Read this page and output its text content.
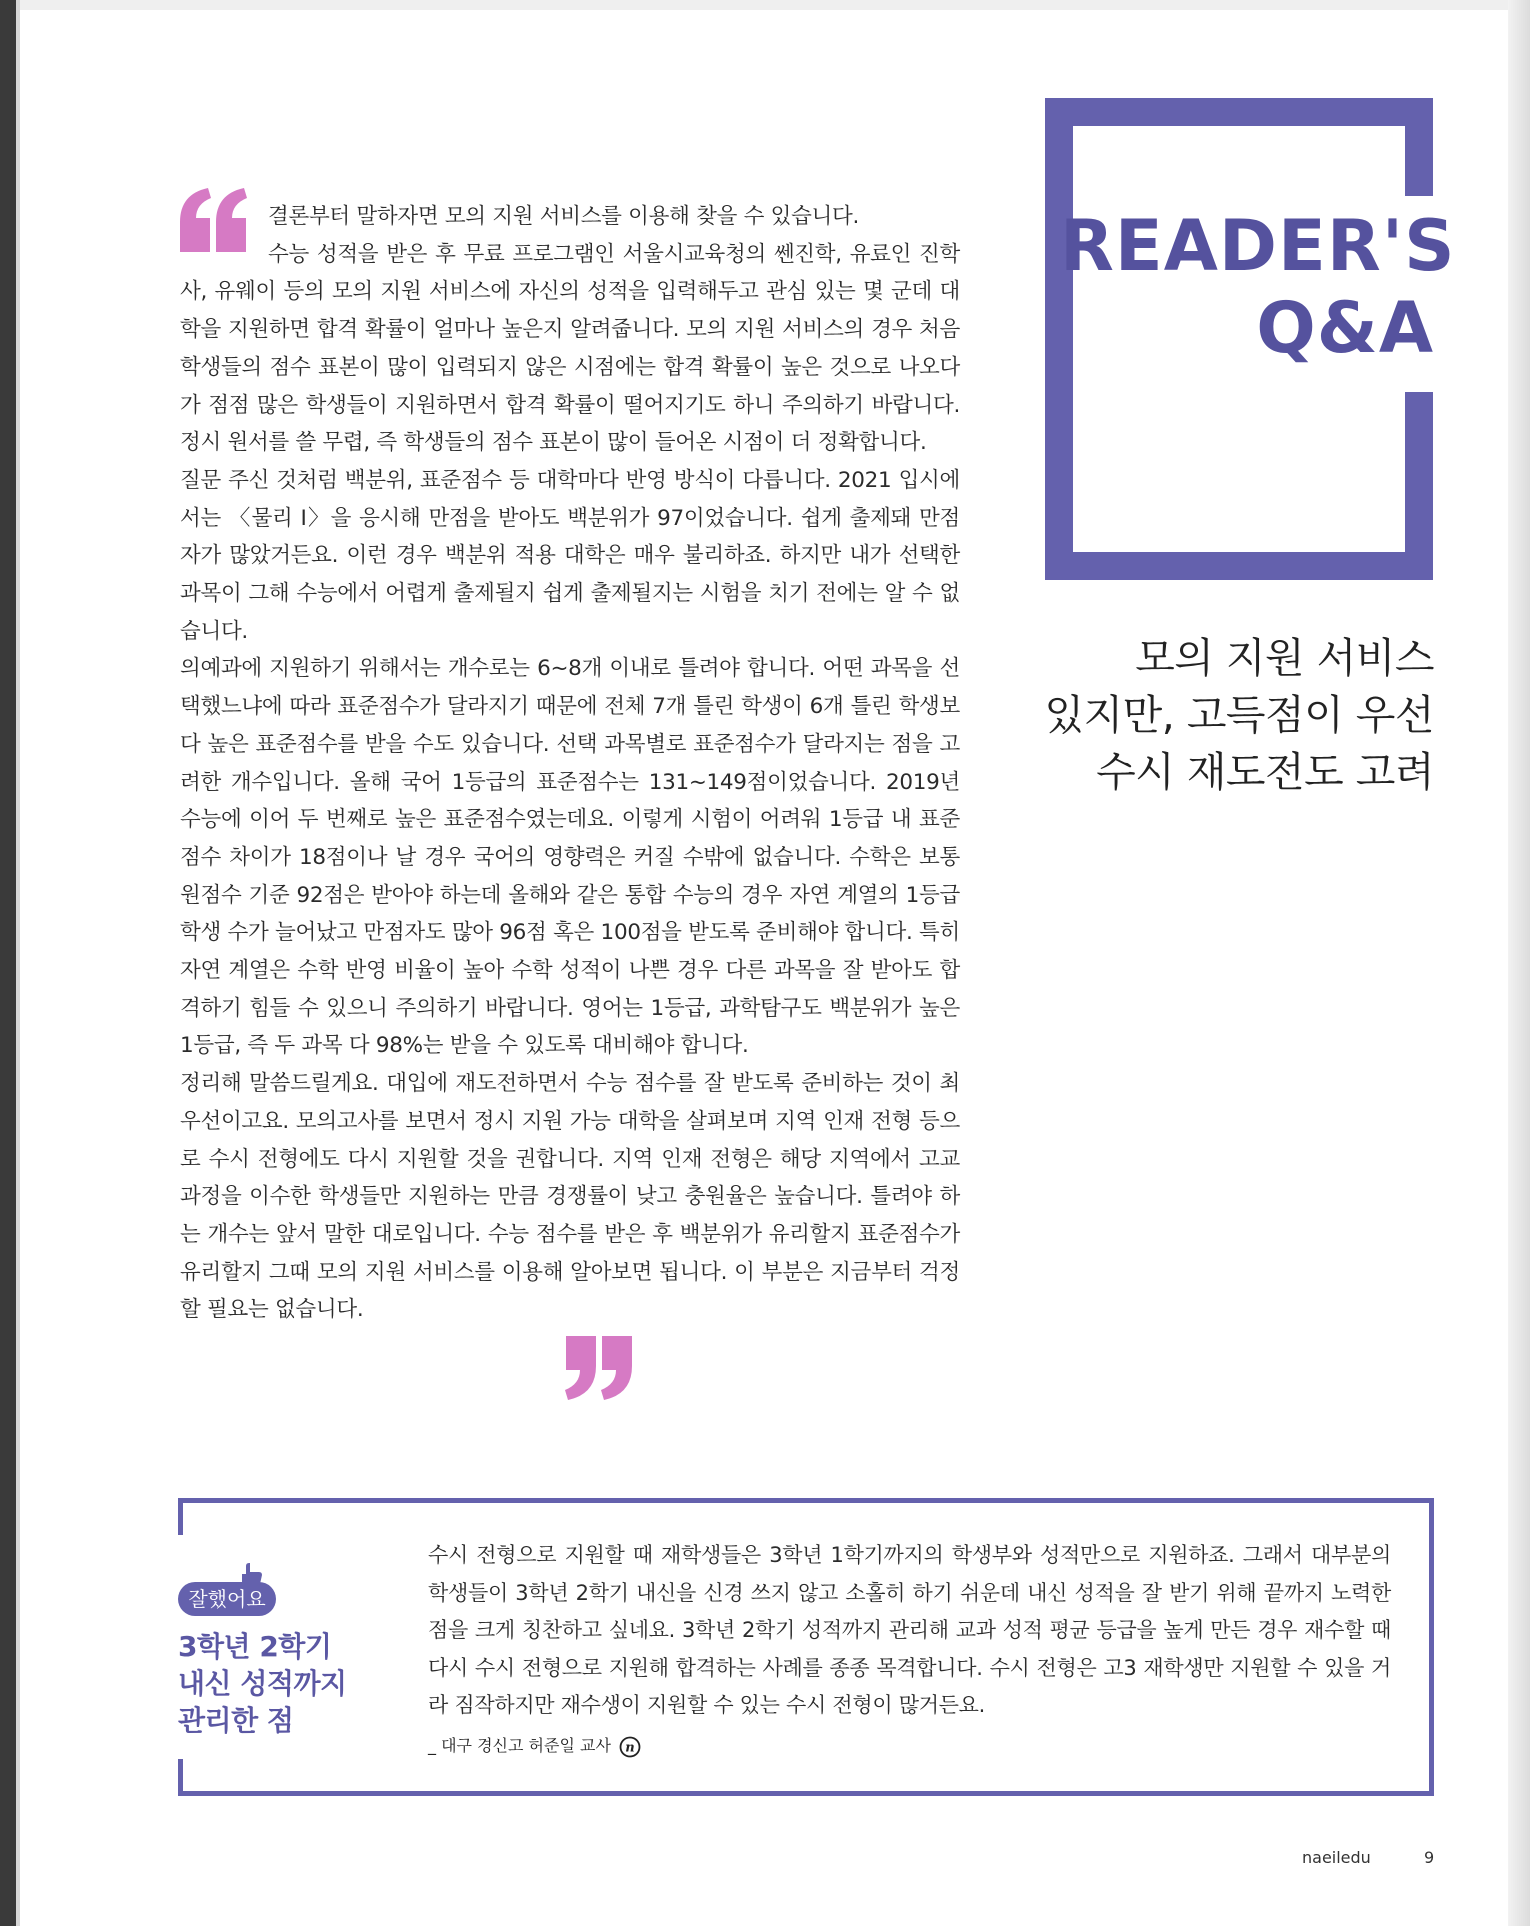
결론부터 말하자면 모의 지원 서비스를 이용해 찾을 수 있습니다.

수능 성적을 받은 후 무료 프로그램인 서울시교육청의 쎈진학, 유료인 진학사, 유웨이 등의 모의 지원 서비스에 자신의 성적을 입력해두고 관심 있는 몇 군데 대학을 지원하면 합격 확률이 얼마나 높은지 알려줍니다. 모의 지원 서비스의 경우 처음 학생들의 점수 표본이 많이 입력되지 않은 시점에는 합격 확률이 높은 것으로 나오다가 점점 많은 학생들이 지원하면서 합격 확률이 떨어지기도 하니 주의하기 바랍니다. 정시 원서를 쓸 무렵, 즉 학생들의 점수 표본이 많이 들어온 시점이 더 정확합니다.

질문 주신 것처럼 백분위, 표준점수 등 대학마다 반영 방식이 다릅니다. 2021 입시에서는 〈물리 Ⅰ〉을 응시해 만점을 받아도 백분위가 97이었습니다. 쉽게 출제돼 만점자가 많았거든요. 이런 경우 백분위 적용 대학은 매우 불리하죠. 하지만 내가 선택한 과목이 그해 수능에서 어렵게 출제될지 쉽게 출제될지는 시험을 치기 전에는 알 수 없습니다.

의예과에 지원하기 위해서는 개수로는 6~8개 이내로 틀려야 합니다. 어떤 과목을 선택했느냐에 따라 표준점수가 달라지기 때문에 전체 7개 틀린 학생이 6개 틀린 학생보다 높은 표준점수를 받을 수도 있습니다. 선택 과목별로 표준점수가 달라지는 점을 고려한 개수입니다. 올해 국어 1등급의 표준점수는 131~149점이었습니다. 2019년 수능에 이어 두 번째로 높은 표준점수였는데요. 이렇게 시험이 어려워 1등급 내 표준점수 차이가 18점이나 날 경우 국어의 영향력은 커질 수밖에 없습니다. 수학은 보통 원점수 기준 92점은 받아야 하는데 올해와 같은 통합 수능의 경우 자연 계열의 1등급 학생 수가 늘어났고 만점자도 많아 96점 혹은 100점을 받도록 준비해야 합니다. 특히 자연 계열은 수학 반영 비율이 높아 수학 성적이 나쁜 경우 다른 과목을 잘 받아도 합격하기 힘들 수 있으니 주의하기 바랍니다. 영어는 1등급, 과학탐구도 백분위가 높은 1등급, 즉 두 과목 다 98%는 받을 수 있도록 대비해야 합니다.

정리해 말씀드릴게요. 대입에 재도전하면서 수능 점수를 잘 받도록 준비하는 것이 최우선이고요. 모의고사를 보면서 정시 지원 가능 대학을 살펴보며 지역 인재 전형 등으로 수시 전형에도 다시 지원할 것을 권합니다. 지역 인재 전형은 해당 지역에서 고교 과정을 이수한 학생들만 지원하는 만큼 경쟁률이 낮고 충원율은 높습니다. 틀려야 하는 개수는 앞서 말한 대로입니다. 수능 점수를 받은 후 백분위가 유리할지 표준점수가 유리할지 그때 모의 지원 서비스를 이용해 알아보면 됩니다. 이 부분은 지금부터 걱정할 필요는 없습니다.

READER'S
Q&A
모의 지원 서비스
있지만, 고득점이 우선
수시 재도전도 고려
잘했어요
3학년 2학기
내신 성적까지
관리한 점

수시 전형으로 지원할 때 재학생들은 3학년 1학기까지의 학생부와 성적만으로 지원하죠. 그래서 대부분의 학생들이 3학년 2학기 내신을 신경 쓰지 않고 소홀히 하기 쉬운데 내신 성적을 잘 받기 위해 끝까지 노력한 점을 크게 칭찬하고 싶네요. 3학년 2학기 성적까지 관리해 교과 성적 평균 등급을 높게 만든 경우 재수할 때 다시 수시 전형으로 지원해 합격하는 사례를 종종 목격합니다. 수시 전형은 고3 재학생만 지원할 수 있을 거라 짐작하지만 재수생이 지원할 수 있는 수시 전형이 많거든요.

_ 대구 경신고 허준일 교사 n
naeiledu	9
